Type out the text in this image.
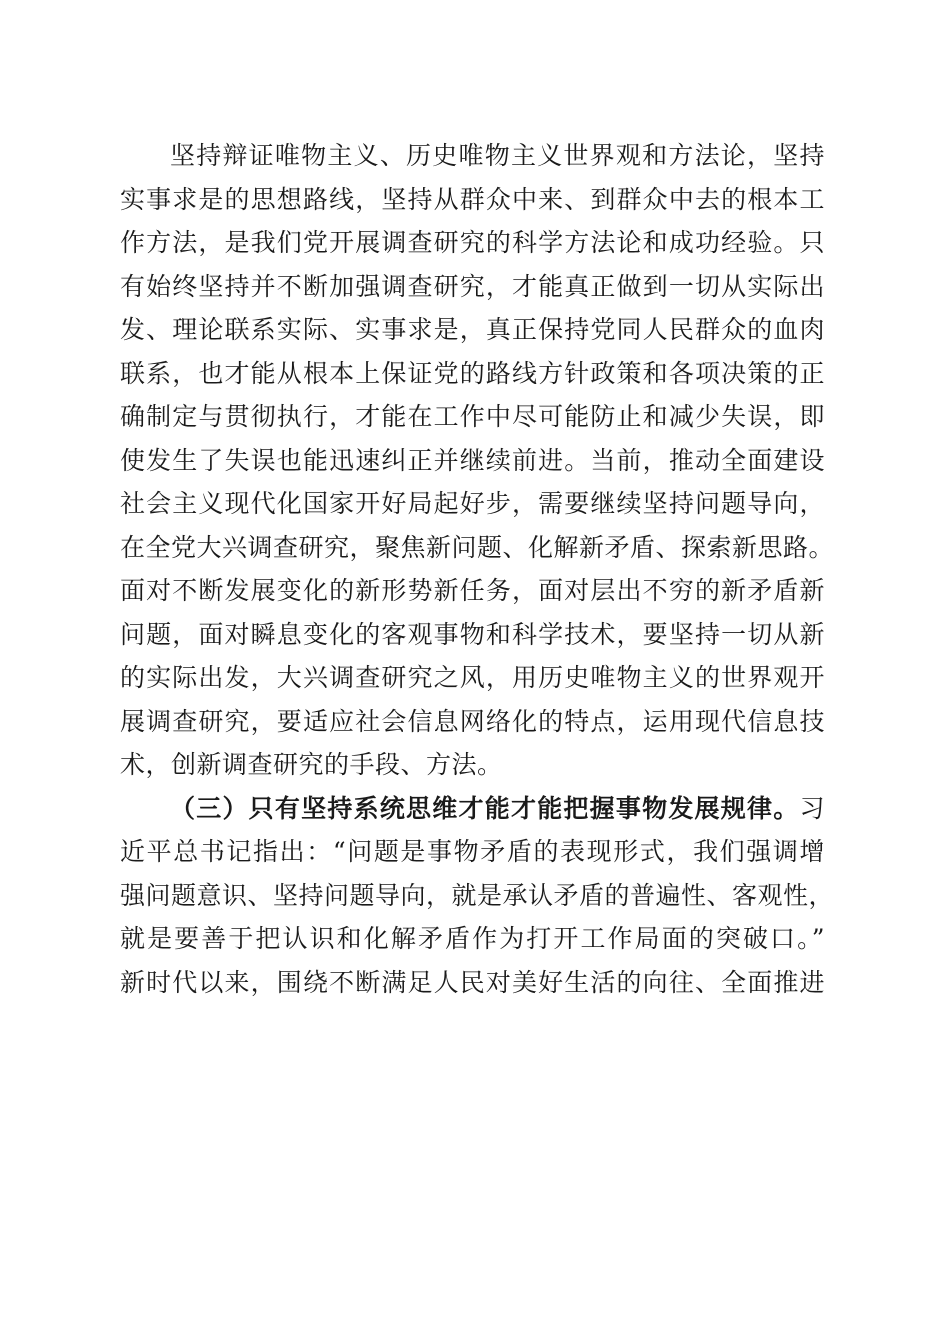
坚持辩证唯物主义、历史唯物主义世界观和方法论，坚持
实事求是的思想路线，坚持从群众中来、到群众中去的根本工
作方法，是我们党开展调查研究的科学方法论和成功经验。只
有始终坚持并不断加强调查研究，才能真正做到一切从实际出
发、理论联系实际、实事求是，真正保持党同人民群众的血肉
联系，也才能从根本上保证党的路线方针政策和各项决策的正
确制定与贯彻执行，才能在工作中尽可能防止和减少失误，即
使发生了失误也能迅速纠正并继续前进。当前，推动全面建设
社会主义现代化国家开好局起好步，需要继续坚持问题导向，
在全党大兴调查研究，聚焦新问题、化解新矛盾、探索新思路。
面对不断发展变化的新形势新任务，面对层出不穷的新矛盾新
问题，面对瞬息变化的客观事物和科学技术，要坚持一切从新
的实际出发，大兴调查研究之风，用历史唯物主义的世界观开
展调查研究，要适应社会信息网络化的特点，运用现代信息技
术，创新调查研究的手段、方法。
（三）只有坚持系统思维才能才能把握事物发展规律。习
近平总书记指出：“问题是事物矛盾的表现形式，我们强调增
强问题意识、坚持问题导向，就是承认矛盾的普遍性、客观性，
就是要善于把认识和化解矛盾作为打开工作局面的突破口。”
新时代以来，围绕不断满足人民对美好生活的向往、全面推进
